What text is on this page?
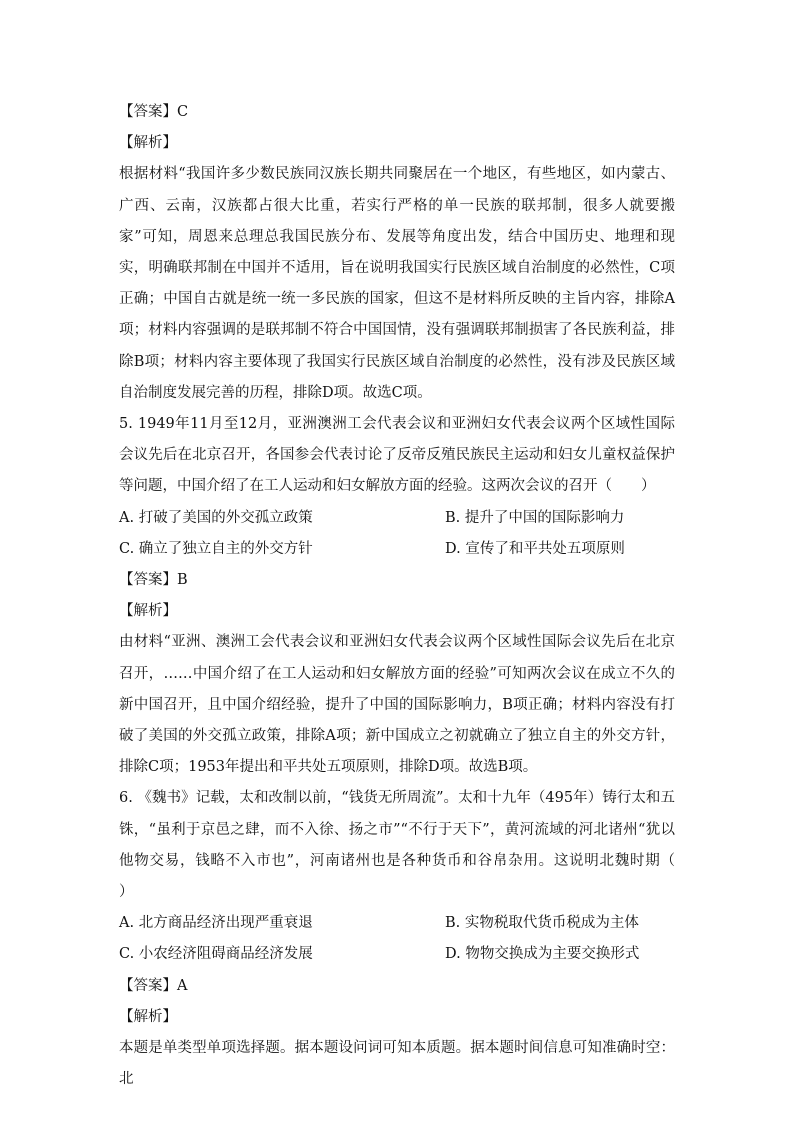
【答案】C
【解析】
根据材料“我国许多少数民族同汉族长期共同聚居在一个地区，有些地区，如内蒙古、广西、云南，汉族都占很大比重，若实行严格的单一民族的联邦制，很多人就要搬家”可知，周恩来总理总我国民族分布、发展等角度出发，结合中国历史、地理和现实，明确联邦制在中国并不适用，旨在说明我国实行民族区域自治制度的必然性，C项正确；中国自古就是统一统一多民族的国家，但这不是材料所反映的主旨内容，排除A项；材料内容强调的是联邦制不符合中国国情，没有强调联邦制损害了各民族利益，排除B项；材料内容主要体现了我国实行民族区域自治制度的必然性，没有涉及民族区域自治制度发展完善的历程，排除D项。故选C项。
5. 1949年11月至12月，亚洲澳洲工会代表会议和亚洲妇女代表会议两个区域性国际会议先后在北京召开，各国参会代表讨论了反帝反殖民族民主运动和妇女儿童权益保护等问题，中国介绍了在工人运动和妇女解放方面的经验。这两次会议的召开（　　）
A. 打破了美国的外交孤立政策	B. 提升了中国的国际影响力
C. 确立了独立自主的外交方针	D. 宣传了和平共处五项原则
【答案】B
【解析】
由材料“亚洲、澳洲工会代表会议和亚洲妇女代表会议两个区域性国际会议先后在北京召开，……中国介绍了在工人运动和妇女解放方面的经验”可知两次会议在成立不久的新中国召开，且中国介绍经验，提升了中国的国际影响力，B项正确；材料内容没有打破了美国的外交孤立政策，排除A项；新中国成立之初就确立了独立自主的外交方针，排除C项；1953年提出和平共处五项原则，排除D项。故选B项。
6. 《魏书》记载，太和改制以前，“钱货无所周流”。太和十九年（495年）铸行太和五铢，“虽利于京邑之肆，而不入徐、扬之市”“不行于天下”，黄河流域的河北诸州“犹以他物交易，钱略不入市也”，河南诸州也是各种货币和谷帛杂用。这说明北魏时期（　　）
A. 北方商品经济出现严重衰退	B. 实物税取代货币税成为主体
C. 小农经济阻碍商品经济发展	D. 物物交换成为主要交换形式
【答案】A
【解析】
本题是单类型单项选择题。据本题设问词可知本质题。据本题时间信息可知准确时空：北
